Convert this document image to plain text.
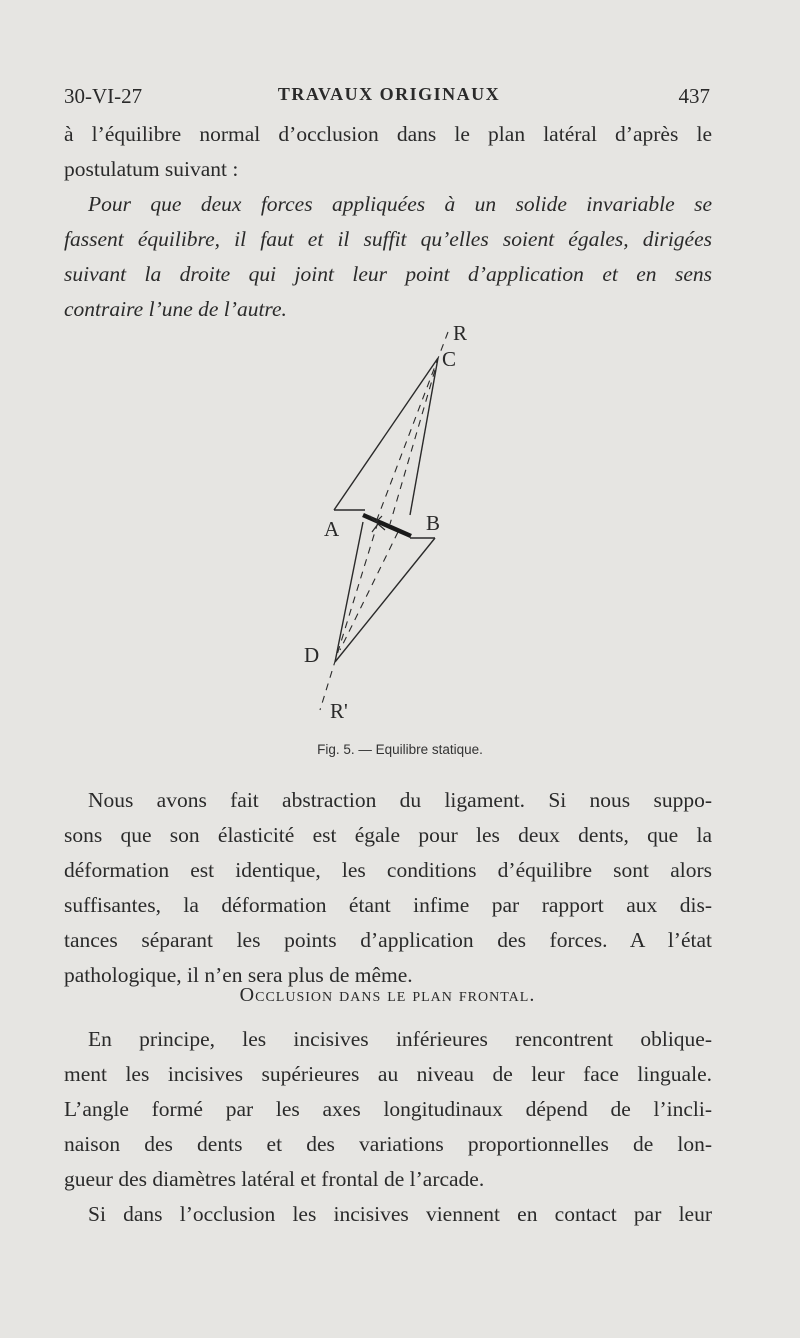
30-VI-27	TRAVAUX ORIGINAUX	437
à l’équilibre normal d’occlusion dans le plan latéral d’après le
postulatum suivant :
Pour que deux forces appliquées à un solide invariable se
fassent équilibre, il faut et il suffit qu’elles soient égales, dirigées
suivant la droite qui joint leur point d’application et en sens
contraire l’une de l’autre.
R
C
A	B
D
R'
Fig. 5. — Equilibre statique.
Nous avons fait abstraction du ligament. Si nous suppo-
sons que son élasticité est égale pour les deux dents, que la
déformation est identique, les conditions d’équilibre sont alors
suffisantes, la déformation étant infime par rapport aux dis-
tances séparant les points d’application des forces. A l’état
pathologique, il n’en sera plus de même.
Occlusion dans le plan frontal.
En principe, les incisives inférieures rencontrent oblique-
ment les incisives supérieures au niveau de leur face linguale.
L’angle formé par les axes longitudinaux dépend de l’incli-
naison des dents et des variations proportionnelles de lon-
gueur des diamètres latéral et frontal de l’arcade.
Si dans l’occlusion les incisives viennent en contact par leur
